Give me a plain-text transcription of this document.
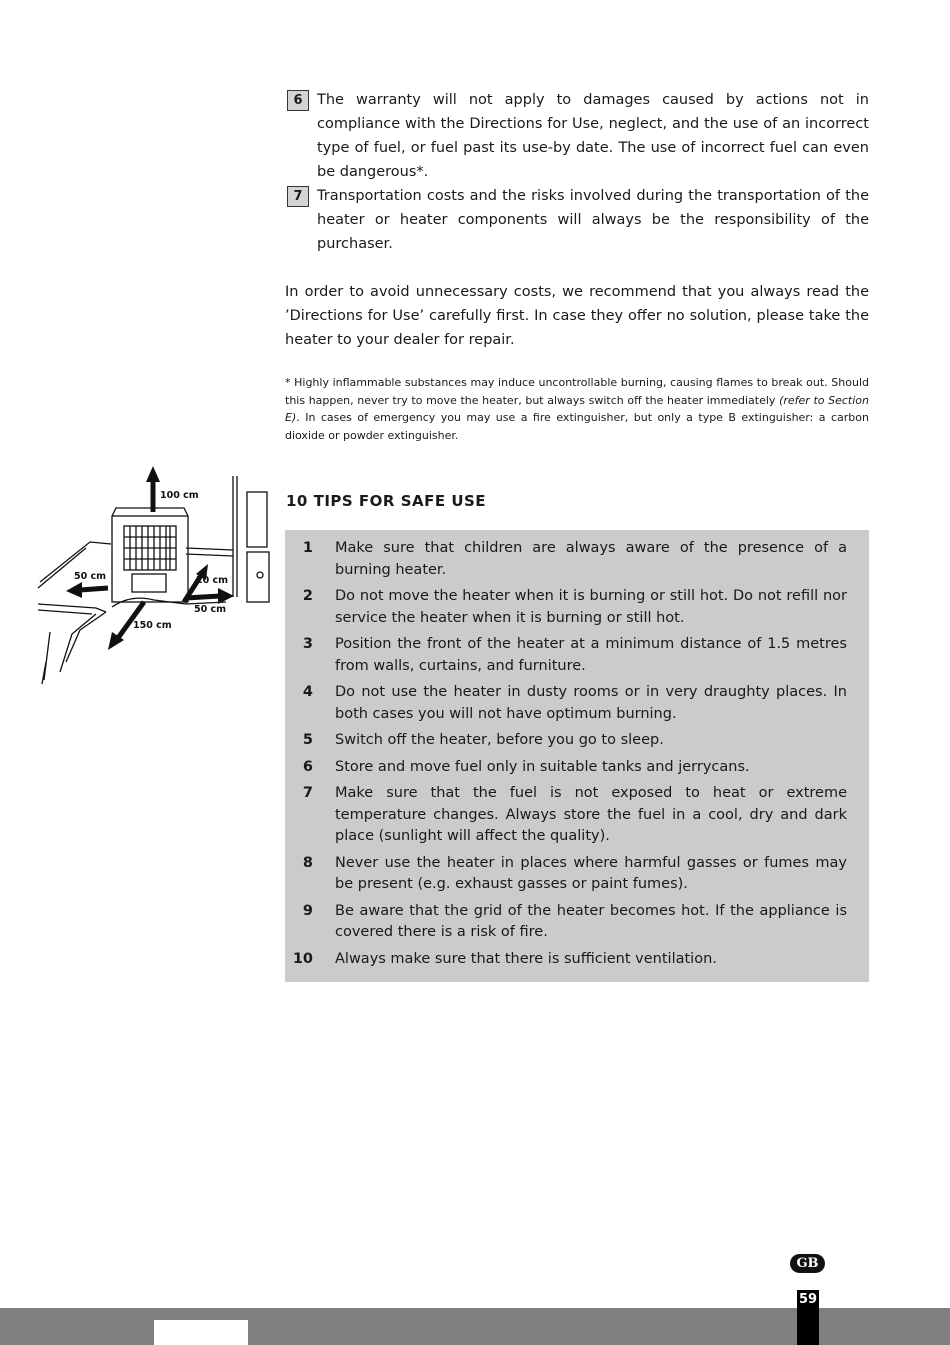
6 The warranty will not apply to damages caused by actions not in compliance with the Directions for Use, neglect, and the use of an incorrect type of fuel, or fuel past its use-by date. The use of incorrect fuel can even be dangerous*.
7 Transportation costs and the risks involved during the transportation of the heater or heater components will always be the responsibility of the purchaser.

In order to avoid unnecessary costs, we recommend that you always read the ’Directions for Use’ carefully first. In case they offer no solution, please take the heater to your dealer for repair.

* Highly inflammable substances may induce uncontrollable burning, causing flames to break out. Should this happen, never try to move the heater, but always switch off the heater immediately (refer to Section E). In cases of emergency you may use a fire extinguisher, but only a type B extinguisher: a carbon dioxide or powder extinguisher.

100 cm
50 cm	20 cm
50 cm
150 cm
10 TIPS FOR SAFE USE
1 Make sure that children are always aware of the presence of a burning heater.
2 Do not move the heater when it is burning or still hot. Do not refill nor service the heater when it is burning or still hot.
3 Position the front of the heater at a minimum distance of 1.5 metres from walls, curtains, and furniture.
4 Do not use the heater in dusty rooms or in very draughty places. In both cases you will not have optimum burning.
5 Switch off the heater, before you go to sleep.
6 Store and move fuel only in suitable tanks and jerrycans.
7 Make sure that the fuel is not exposed to heat or extreme temperature changes. Always store the fuel in a cool, dry and dark place (sunlight will affect the quality).
8 Never use the heater in places where harmful gasses or fumes may be present (e.g. exhaust gasses or paint fumes).
9 Be aware that the grid of the heater becomes hot. If the appliance is covered there is a risk of fire.
10 Always make sure that there is sufficient ventilation.
GB
59
